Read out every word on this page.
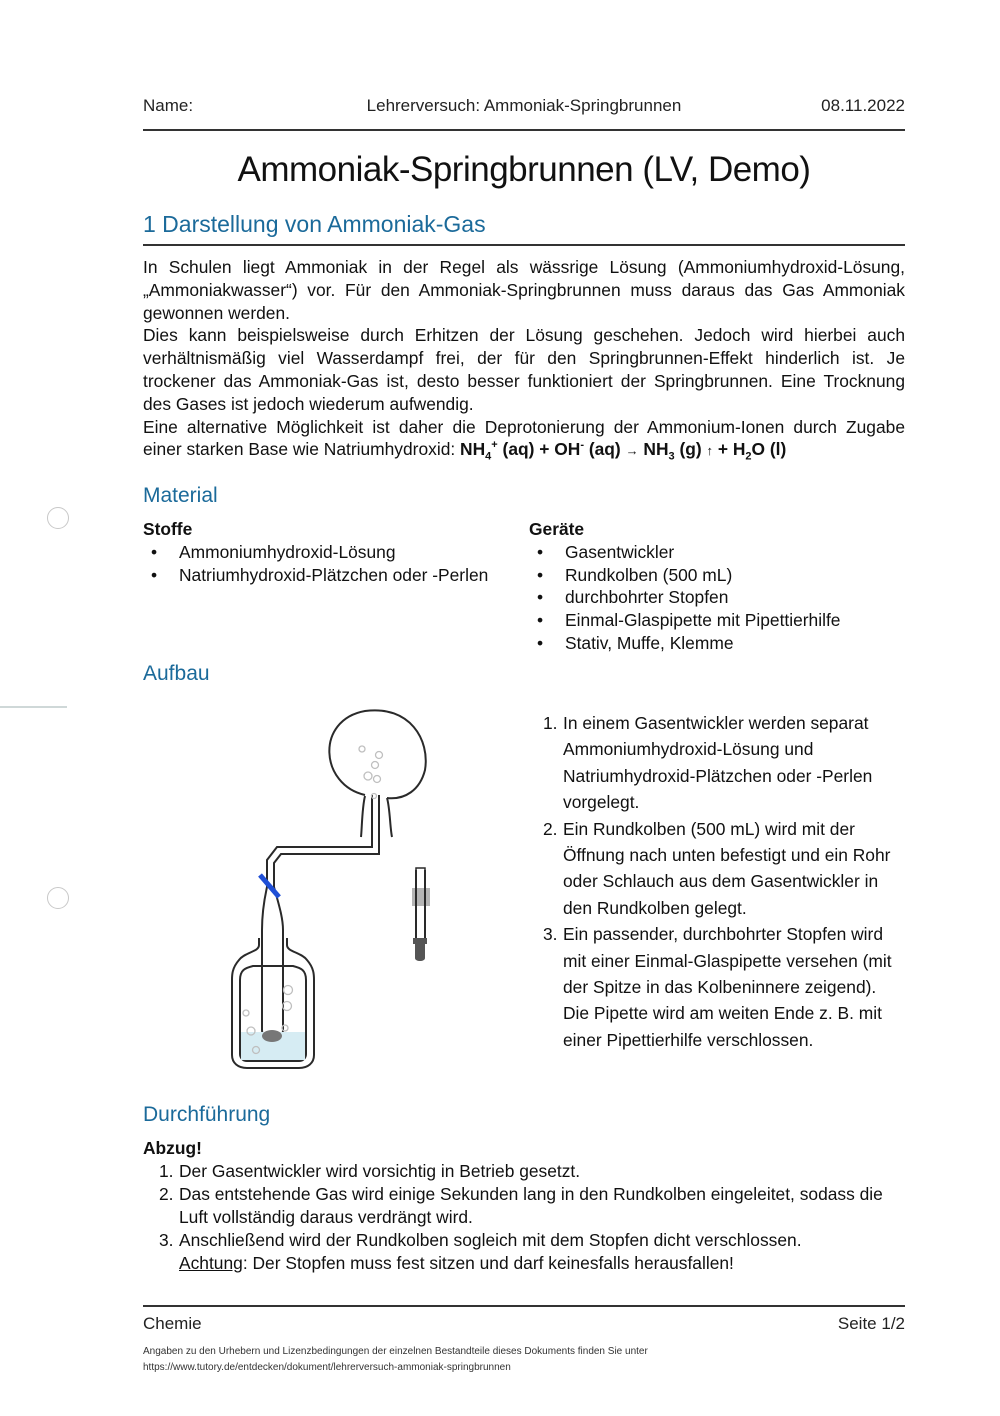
Name:	Lehrerversuch: Ammoniak-Springbrunnen	08.11.2022
Ammoniak-Springbrunnen (LV, Demo)
1 Darstellung von Ammoniak-Gas

In Schulen liegt Ammoniak in der Regel als wässrige Lösung (Ammoniumhydroxid-Lösung, „Ammoniakwasser“) vor. Für den Ammoniak-Springbrunnen muss daraus das Gas Ammoniak gewonnen werden.

Dies kann beispielsweise durch Erhitzen der Lösung geschehen. Jedoch wird hierbei auch verhältnismäßig viel Wasserdampf frei, der für den Springbrunnen-Effekt hinderlich ist. Je trockener das Ammoniak-Gas ist, desto besser funktioniert der Springbrunnen. Eine Trocknung des Gases ist jedoch wiederum aufwendig.

Eine alternative Möglichkeit ist daher die Deprotonierung der Ammonium-Ionen durch Zugabe einer starken Base wie Natriumhydroxid: $NH_4^+$ (aq) + OH- $(aq) \to NH_3$ (g) ↑ + $H_2O$ (l)

Material
Stoffe
• Ammoniumhydroxid-Lösung
• Natriumhydroxid-Plätzchen oder -Perlen
Geräte
• Gasentwickler
• Rundkolben (500 mL)
• durchbohrter Stopfen
• Einmal-Glaspipette mit Pipettierhilfe
• Stativ, Muffe, Klemme
Aufbau
1. In einem Gasentwickler werden separat Ammoniumhydroxid-Lösung und Natriumhydroxid-Plätzchen oder -Perlen vorgelegt.
2. Ein Rundkolben (500 mL) wird mit der Öffnung nach unten befestigt und ein Rohr oder Schlauch aus dem Gasentwickler in den Rundkolben gelegt.
3. Ein passender, durchbohrter Stopfen wird mit einer Einmal-Glaspipette versehen (mit der Spitze in das Kolbeninnere zeigend). Die Pipette wird am weiten Ende z. B. mit einer Pipettierhilfe verschlossen.
Durchführung
Abzug!
1. Der Gasentwickler wird vorsichtig in Betrieb gesetzt.
2. Das entstehende Gas wird einige Sekunden lang in den Rundkolben eingeleitet, sodass die Luft vollständig daraus verdrängt wird.
3. Anschließend wird der Rundkolben sogleich mit dem Stopfen dicht verschlossen.
Achtung: Der Stopfen muss fest sitzen und darf keinesfalls herausfallen!
Chemie	Seite 1/2
Angaben zu den Urhebern und Lizenzbedingungen der einzelnen Bestandteile dieses Dokuments finden Sie unter
https://www.tutory.de/entdecken/dokument/lehrerversuch-ammoniak-springbrunnen
